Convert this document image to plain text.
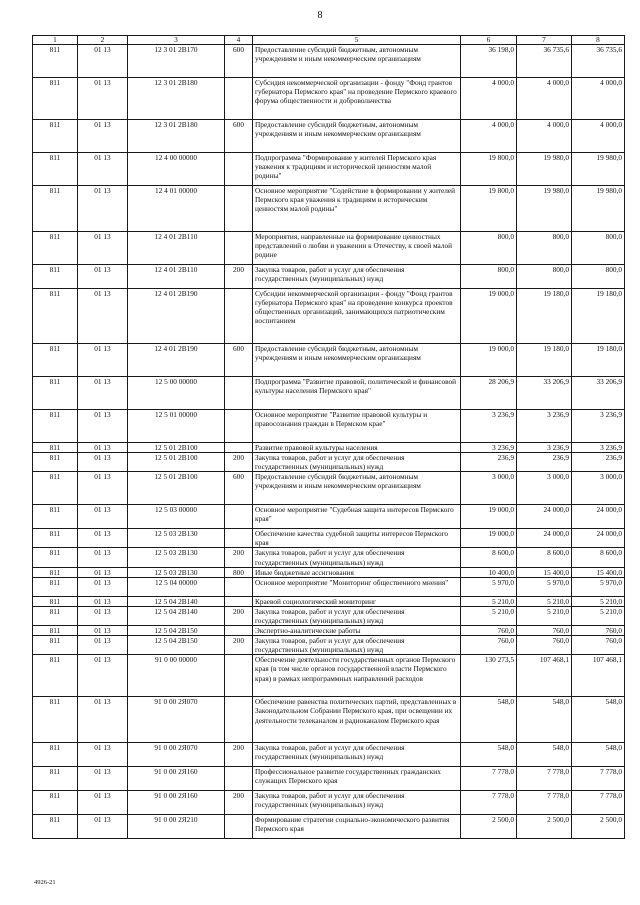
8
1	2	3	4	5	6	7	8
811	01 13	12 3 01 2В170	600	Предоставление субсидий бюджетным, автономным учреждениям и иным некоммерческим организациям	36 198,0	36 735,6	36 735,6
811	01 13	12 3 01 2В180		Субсидия некоммерческой организации - фонду "Фонд грантов губернатора Пермского края" на проведение Пермского краевого форума общественности и добровольчества	4 000,0	4 000,0	4 000,0
811	01 13	12 3 01 2В180	600	Предоставление субсидий бюджетным, автономным учреждениям и иным некоммерческим организациям	4 000,0	4 000,0	4 000,0
811	01 13	12 4 00 00000		Подпрограмма "Формирование у жителей Пермского края уважения к традициям и исторической ценностям малой родины"	19 800,0	19 980,0	19 980,0
811	01 13	12 4 01 00000		Основное мероприятие "Содействие в формировании у жителей Пермского края уважения к традициям и историческим ценностям малой родины"	19 800,0	19 980,0	19 980,0
811	01 13	12 4 01 2В110		Мероприятия, направленные на формирование ценностных представлений о любви и уважении к Отечеству, к своей малой родине	800,0	800,0	800,0
811	01 13	12 4 01 2В110	200	Закупка товаров, работ и услуг для обеспечения государственных (муниципальных) нужд	800,0	800,0	800,0
811	01 13	12 4 01 2В190		Субсидии некоммерческой организации - фонду "Фонд грантов губернатора Пермского края" на проведение конкурса проектов общественных организаций, занимающихся патриотическим воспитанием	19 000,0	19 180,0	19 180,0
811	01 13	12 4 01 2В190	600	Предоставление субсидий бюджетным, автономным учреждениям и иным некоммерческим организациям	19 000,0	19 180,0	19 180,0
811	01 13	12 5 00 00000		Подпрограмма "Развитие правовой, политической и финансовой культуры населения Пермского края"	28 206,9	33 206,9	33 206,9
811	01 13	12 5 01 00000		Основное мероприятие "Развитие правовой культуры и правосознания граждан в Пермском крае"	3 236,9	3 236,9	3 236,9
811	01 13	12 5 01 2В100		Развитие правовой культуры населения	3 236,9	3 236,9	3 236,9
811	01 13	12 5 01 2В100	200	Закупка товаров, работ и услуг для обеспечения государственных (муниципальных) нужд	236,9	236,9	236,9
811	01 13	12 5 01 2В100	600	Предоставление субсидий бюджетным, автономным учреждениям и иным некоммерческим организациям	3 000,0	3 000,0	3 000,0
811	01 13	12 5 03 00000		Основное мероприятие "Судебная защита интересов Пермского края"	19 000,0	24 000,0	24 000,0
811	01 13	12 5 03 2В130		Обеспечение качества судебной защиты интересов Пермского края	19 000,0	24 000,0	24 000,0
811	01 13	12 5 03 2В130	200	Закупка товаров, работ и услуг для обеспечения государственных (муниципальных) нужд	8 600,0	8 600,0	8 600,0
811	01 13	12 5 03 2В130	800	Иные бюджетные ассигнования	10 400,0	15 400,0	15 400,0
811	01 13	12 5 04 00000		Основное мероприятие "Мониторинг общественного мнения"	5 970,0	5 970,0	5 970,0
811	01 13	12 5 04 2В140		Краевой социологический мониторинг	5 210,0	5 210,0	5 210,0
811	01 13	12 5 04 2В140	200	Закупка товаров, работ и услуг для обеспечения государственных (муниципальных) нужд	5 210,0	5 210,0	5 210,0
811	01 13	12 5 04 2В150		Экспертно-аналитические работы	760,0	760,0	760,0
811	01 13	12 5 04 2В150	200	Закупка товаров, работ и услуг для обеспечения государственных (муниципальных) нужд	760,0	760,0	760,0
811	01 13	91 0 00 00000		Обеспечение деятельности государственных органов Пермского края (в том числе органов государственной власти Пермского края) в рамках непрограммных направлений расходов	130 273,5	107 468,1	107 468,1
811	01 13	91 0 00 2Я070		Обеспечение равенства политических партий, представленных в Законодательном Собрании Пермского края, при освещении их деятельности телеканалом и радиоканалом Пермского края	548,0	548,0	548,0
811	01 13	91 0 00 2Я070	200	Закупка товаров, работ и услуг для обеспечения государственных (муниципальных) нужд	548,0	548,0	548,0
811	01 13	91 0 00 2Я160		Профессиональное развитие государственных гражданских служащих Пермского края	7 778,0	7 778,0	7 778,0
811	01 13	91 0 00 2Я160	200	Закупка товаров, работ и услуг для обеспечения государственных (муниципальных) нужд	7 778,0	7 778,0	7 778,0
811	01 13	91 0 00 2Я210		Формирование стратегии социально-экономического развития Пермского края	2 500,0	2 500,0	2 500,0
4926-21
